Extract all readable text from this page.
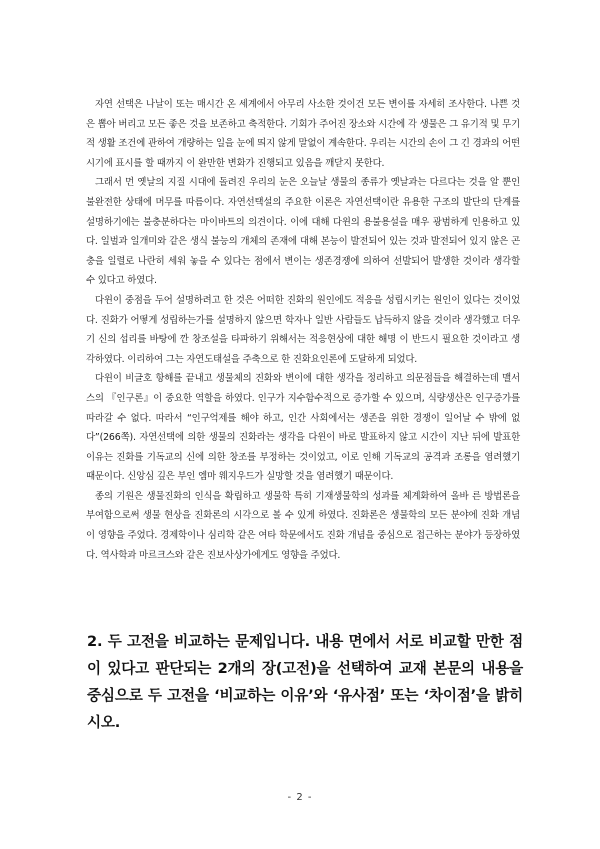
자연 선택은 나날이 또는 매시간 온 세계에서 아무리 사소한 것이건 모든 변이를 자세히 조사한다. 나쁜 것은 뽑아 버리고 모든 좋은 것을 보존하고 축적한다. 기회가 주어진 장소와 시간에 각 생물은 그 유기적 및 무기적 생활 조건에 관하여 개량하는 일을 눈에 띄지 않게 말없이 계속한다. 우리는 시간의 손이 그 긴 경과의 어떤 시기에 표시를 할 때까지 이 완만한 변화가 진행되고 있음을 깨닫지 못한다.

그래서 먼 옛날의 지질 시대에 돌려진 우리의 눈은 오늘날 생물의 종류가 옛날과는 다르다는 것을 알 뿐인 불완전한 상태에 머무를 따름이다. 자연선택설의 주요한 이론은 자연선택이란 유용한 구조의 발단의 단계를 설명하기에는 불충분하다는 마이바트의 의견이다. 이에 대해 다윈의 용불용설을 매우 광범하게 인용하고 있다. 일벌과 일개미와 같은 생식 불능의 개체의 존재에 대해 본능이 발전되어 있는 것과 발전되어 있지 않은 곤충을 일렬로 나란히 세워 놓을 수 있다는 점에서 변이는 생존경쟁에 의하여 선발되어 발생한 것이라 생각할 수 있다고 하였다.

다윈이 중점을 두어 설명하려고 한 것은 어떠한 진화의 원인에도 적응을 성립시키는 원인이 있다는 것이었다. 진화가 어떻게 성립하는가를 설명하지 않으면 학자나 일반 사람들도 납득하지 않을 것이라 생각했고 더우기 신의 섭리를 바탕에 깐 창조설을 타파하기 위해서는 적응현상에 대한 해명 이 반드시 필요한 것이라고 생각하였다. 이리하여 그는 자연도태설을 주축으로 한 진화요인론에 도달하게 되었다.

다윈이 비글호 항해를 끝내고 생물체의 진화와 변이에 대한 생각을 정리하고 의문점들을 해결하는데 맬서스의 『인구론』이 중요한 역할을 하였다. 인구가 지수함수적으로 증가할 수 있으며, 식량생산은 인구증가를 따라갈 수 없다. 따라서 “인구억제를 해야 하고, 인간 사회에서는 생존을 위한 경쟁이 일어날 수 밖에 없다”(266쪽). 자연선택에 의한 생물의 진화라는 생각을 다윈이 바로 발표하지 않고 시간이 지난 뒤에 발표한 이유는 진화를 기독교의 신에 의한 창조를 부정하는 것이었고, 이로 인해 기독교의 공격과 조롱을 염려했기 때문이다. 신앙심 깊은 부인 엠마 웨지우드가 실망할 것을 염려했기 때문이다.

종의 기원은 생물진화의 인식을 확립하고 생물학 특히 기재생물학의 성과를 체계화하여 올바 른 방법론을 부여함으로써 생물 현상을 진화론의 시각으로 볼 수 있게 하였다. 진화론은 생물학의 모든 분야에 진화 개념이 영향을 주었다. 경제학이나 심리학 같은 여타 학문에서도 진화 개념을 중심으로 접근하는 분야가 등장하였다. 역사학과 마르크스와 같은 진보사상가에게도 영향을 주었다.

2. 두 고전을 비교하는 문제입니다. 내용 면에서 서로 비교할 만한 점이 있다고 판단되는 2개의 장(고전)을 선택하여 교재 본문의 내용을 중심으로 두 고전을 ‘비교하는 이유’와 ‘유사점’ 또는 ‘차이점’을 밝히시오.
- 2 -
